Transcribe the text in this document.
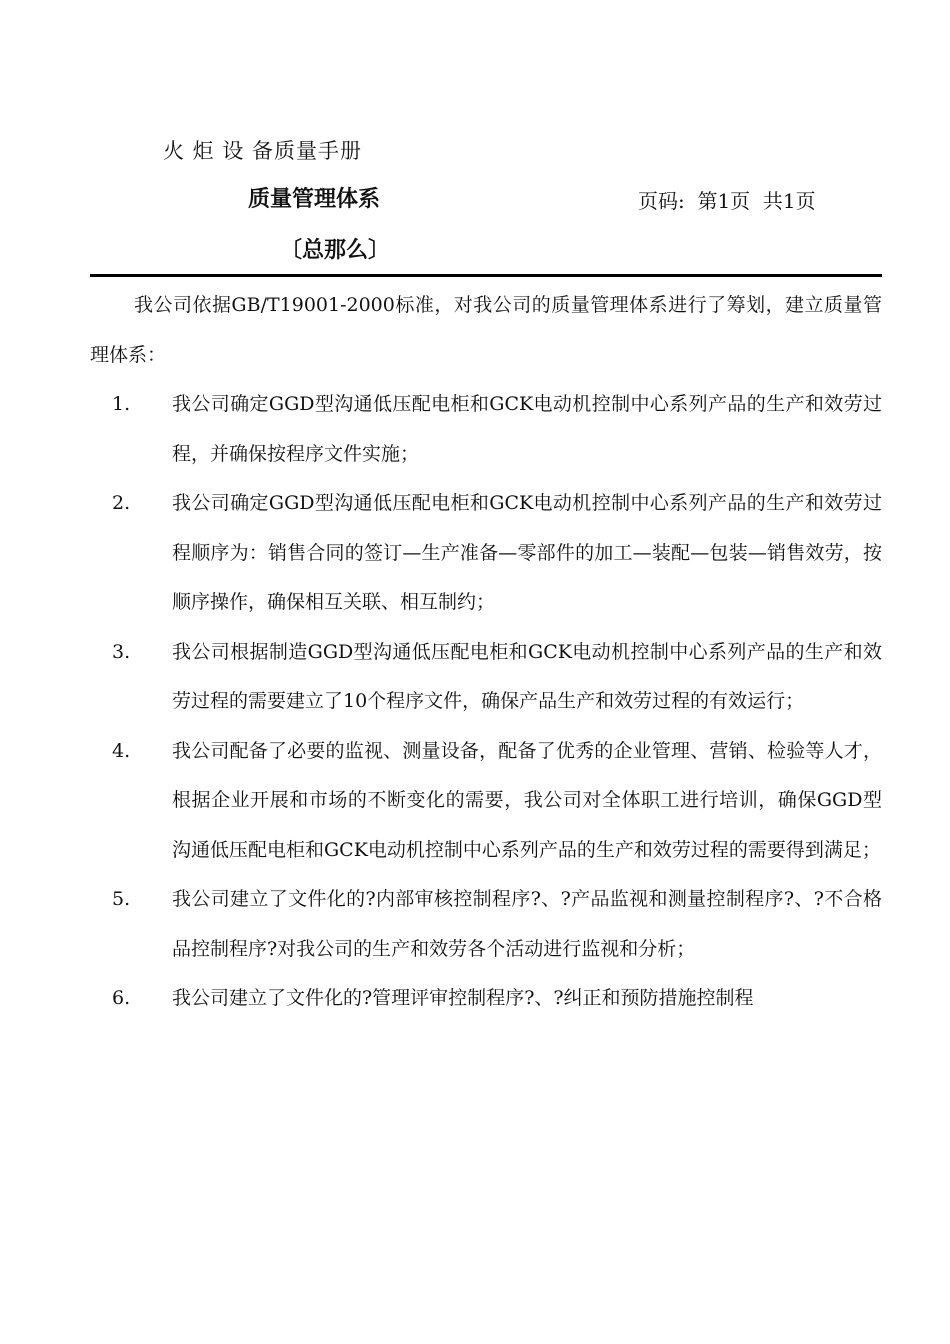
火 炬 设 备质量手册
质量管理体系	页码:  第1页  共1页
〔总那么〕

我公司依据GB/T19001-2000标准，对我公司的质量管理体系进行了筹划，建立质量管理体系：

1.	我公司确定GGD型沟通低压配电柜和GCK电动机控制中心系列产品的生产和效劳过程，并确保按程序文件实施；
2.	我公司确定GGD型沟通低压配电柜和GCK电动机控制中心系列产品的生产和效劳过程顺序为：销售合同的签订—生产准备—零部件的加工—装配—包装—销售效劳，按顺序操作，确保相互关联、相互制约；
3.	我公司根据制造GGD型沟通低压配电柜和GCK电动机控制中心系列产品的生产和效劳过程的需要建立了10个程序文件，确保产品生产和效劳过程的有效运行；
4.	我公司配备了必要的监视、测量设备，配备了优秀的企业管理、营销、检验等人才，根据企业开展和市场的不断变化的需要，我公司对全体职工进行培训，确保GGD型沟通低压配电柜和GCK电动机控制中心系列产品的生产和效劳过程的需要得到满足；
5.	我公司建立了文件化的?内部审核控制程序?、?产品监视和测量控制程序?、?不合格品控制程序?对我公司的生产和效劳各个活动进行监视和分析；
6.	我公司建立了文件化的?管理评审控制程序?、?纠正和预防措施控制程
